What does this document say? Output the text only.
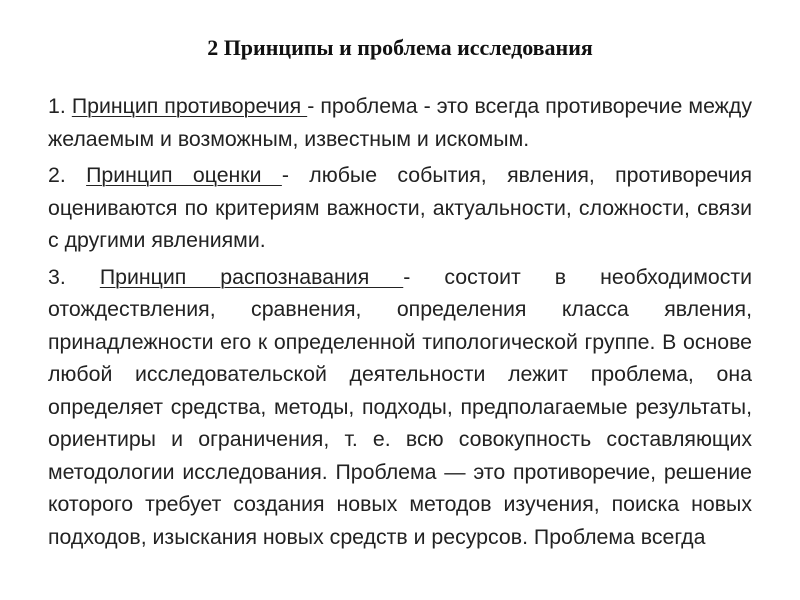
2 Принципы и проблема исследования

1. Принцип противоречия - проблема - это всегда противоречие между желаемым и возможным, известным и искомым.

2. Принцип оценки - любые события, явления, противоречия оцениваются по критериям важности, актуальности, сложности, связи с другими явлениями.

3. Принцип распознавания - состоит в необходимости отождествления, сравнения, определения класса явления, принадлежности его к определенной типологической группе. В основе любой исследовательской деятельности лежит проблема, она определяет средства, методы, подходы, предполагаемые результаты, ориентиры и ограничения, т. е. всю совокупность составляющих методологии исследования. Проблема — это противоречие, решение которого требует создания новых методов изучения, поиска новых подходов, изыскания новых средств и ресурсов. Проблема всегда
